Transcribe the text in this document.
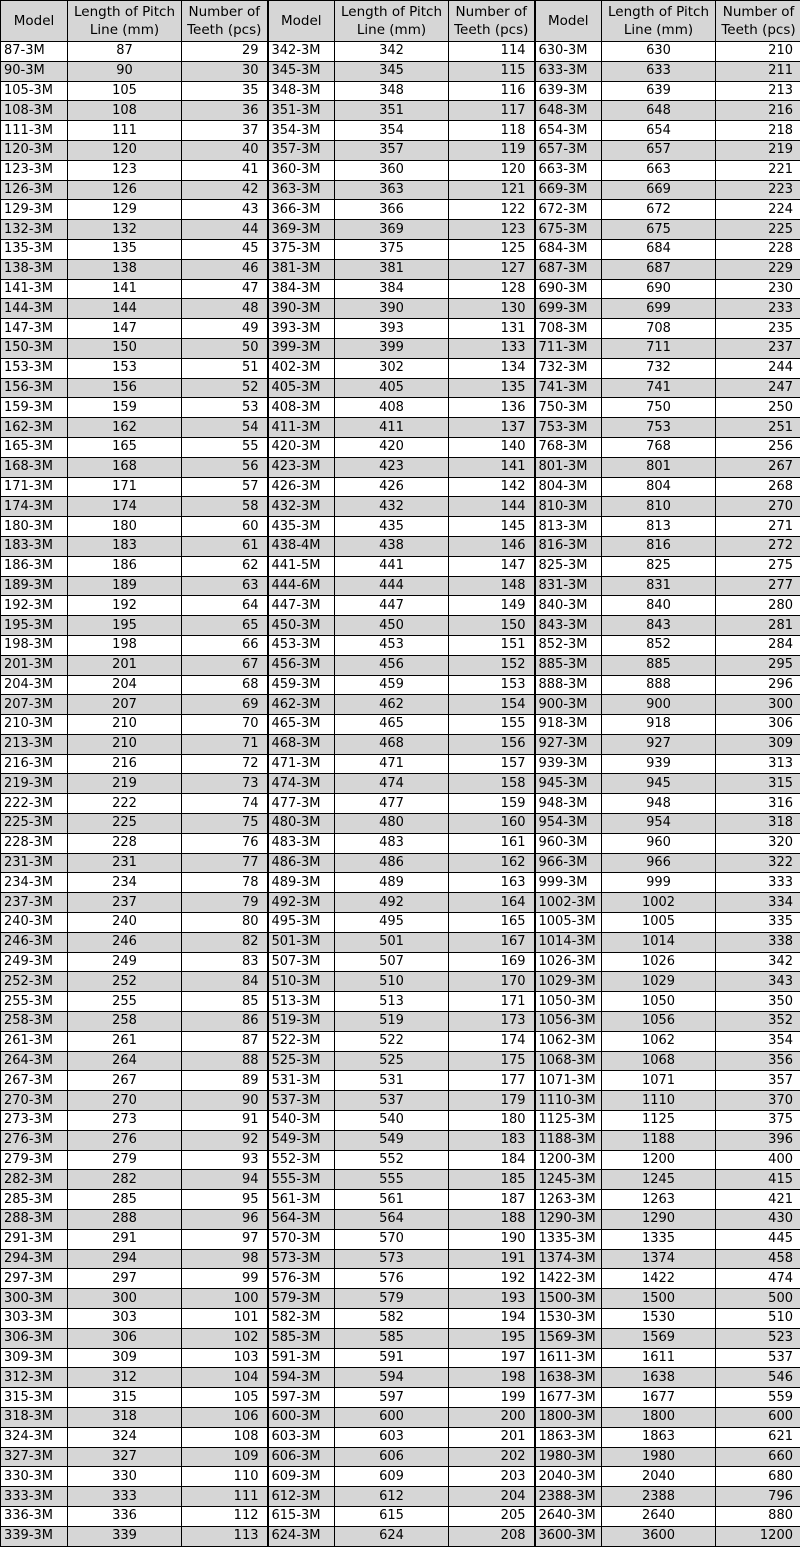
Model	Length of Pitch Line (mm)	Number of Teeth (pcs)	Model	Length of Pitch Line (mm)	Number of Teeth (pcs)	Model	Length of Pitch Line (mm)	Number of Teeth (pcs)
87-3M	87	29	342-3M	342	114	630-3M	630	210
90-3M	90	30	345-3M	345	115	633-3M	633	211
105-3M	105	35	348-3M	348	116	639-3M	639	213
108-3M	108	36	351-3M	351	117	648-3M	648	216
111-3M	111	37	354-3M	354	118	654-3M	654	218
120-3M	120	40	357-3M	357	119	657-3M	657	219
123-3M	123	41	360-3M	360	120	663-3M	663	221
126-3M	126	42	363-3M	363	121	669-3M	669	223
129-3M	129	43	366-3M	366	122	672-3M	672	224
132-3M	132	44	369-3M	369	123	675-3M	675	225
135-3M	135	45	375-3M	375	125	684-3M	684	228
138-3M	138	46	381-3M	381	127	687-3M	687	229
141-3M	141	47	384-3M	384	128	690-3M	690	230
144-3M	144	48	390-3M	390	130	699-3M	699	233
147-3M	147	49	393-3M	393	131	708-3M	708	235
150-3M	150	50	399-3M	399	133	711-3M	711	237
153-3M	153	51	402-3M	302	134	732-3M	732	244
156-3M	156	52	405-3M	405	135	741-3M	741	247
159-3M	159	53	408-3M	408	136	750-3M	750	250
162-3M	162	54	411-3M	411	137	753-3M	753	251
165-3M	165	55	420-3M	420	140	768-3M	768	256
168-3M	168	56	423-3M	423	141	801-3M	801	267
171-3M	171	57	426-3M	426	142	804-3M	804	268
174-3M	174	58	432-3M	432	144	810-3M	810	270
180-3M	180	60	435-3M	435	145	813-3M	813	271
183-3M	183	61	438-4M	438	146	816-3M	816	272
186-3M	186	62	441-5M	441	147	825-3M	825	275
189-3M	189	63	444-6M	444	148	831-3M	831	277
192-3M	192	64	447-3M	447	149	840-3M	840	280
195-3M	195	65	450-3M	450	150	843-3M	843	281
198-3M	198	66	453-3M	453	151	852-3M	852	284
201-3M	201	67	456-3M	456	152	885-3M	885	295
204-3M	204	68	459-3M	459	153	888-3M	888	296
207-3M	207	69	462-3M	462	154	900-3M	900	300
210-3M	210	70	465-3M	465	155	918-3M	918	306
213-3M	210	71	468-3M	468	156	927-3M	927	309
216-3M	216	72	471-3M	471	157	939-3M	939	313
219-3M	219	73	474-3M	474	158	945-3M	945	315
222-3M	222	74	477-3M	477	159	948-3M	948	316
225-3M	225	75	480-3M	480	160	954-3M	954	318
228-3M	228	76	483-3M	483	161	960-3M	960	320
231-3M	231	77	486-3M	486	162	966-3M	966	322
234-3M	234	78	489-3M	489	163	999-3M	999	333
237-3M	237	79	492-3M	492	164	1002-3M	1002	334
240-3M	240	80	495-3M	495	165	1005-3M	1005	335
246-3M	246	82	501-3M	501	167	1014-3M	1014	338
249-3M	249	83	507-3M	507	169	1026-3M	1026	342
252-3M	252	84	510-3M	510	170	1029-3M	1029	343
255-3M	255	85	513-3M	513	171	1050-3M	1050	350
258-3M	258	86	519-3M	519	173	1056-3M	1056	352
261-3M	261	87	522-3M	522	174	1062-3M	1062	354
264-3M	264	88	525-3M	525	175	1068-3M	1068	356
267-3M	267	89	531-3M	531	177	1071-3M	1071	357
270-3M	270	90	537-3M	537	179	1110-3M	1110	370
273-3M	273	91	540-3M	540	180	1125-3M	1125	375
276-3M	276	92	549-3M	549	183	1188-3M	1188	396
279-3M	279	93	552-3M	552	184	1200-3M	1200	400
282-3M	282	94	555-3M	555	185	1245-3M	1245	415
285-3M	285	95	561-3M	561	187	1263-3M	1263	421
288-3M	288	96	564-3M	564	188	1290-3M	1290	430
291-3M	291	97	570-3M	570	190	1335-3M	1335	445
294-3M	294	98	573-3M	573	191	1374-3M	1374	458
297-3M	297	99	576-3M	576	192	1422-3M	1422	474
300-3M	300	100	579-3M	579	193	1500-3M	1500	500
303-3M	303	101	582-3M	582	194	1530-3M	1530	510
306-3M	306	102	585-3M	585	195	1569-3M	1569	523
309-3M	309	103	591-3M	591	197	1611-3M	1611	537
312-3M	312	104	594-3M	594	198	1638-3M	1638	546
315-3M	315	105	597-3M	597	199	1677-3M	1677	559
318-3M	318	106	600-3M	600	200	1800-3M	1800	600
324-3M	324	108	603-3M	603	201	1863-3M	1863	621
327-3M	327	109	606-3M	606	202	1980-3M	1980	660
330-3M	330	110	609-3M	609	203	2040-3M	2040	680
333-3M	333	111	612-3M	612	204	2388-3M	2388	796
336-3M	336	112	615-3M	615	205	2640-3M	2640	880
339-3M	339	113	624-3M	624	208	3600-3M	3600	1200
